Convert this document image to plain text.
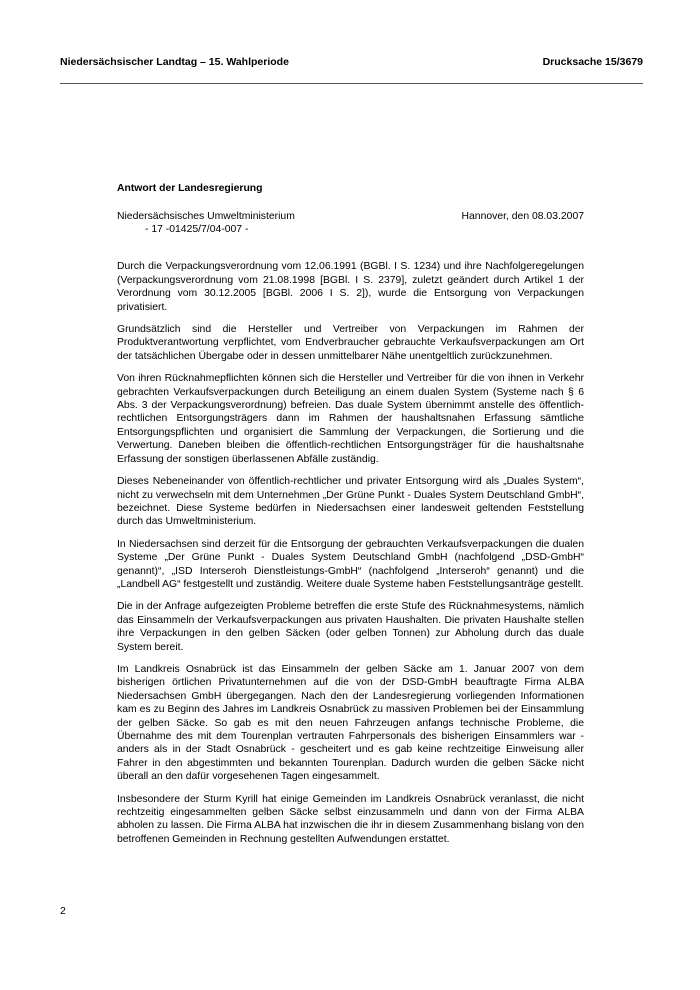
Niedersächsischer Landtag – 15. Wahlperiode	Drucksache 15/3679
Antwort der Landesregierung
Niedersächsisches Umweltministerium	Hannover, den 08.03.2007
- 17 -01425/7/04-007 -

Durch die Verpackungsverordnung vom 12.06.1991 (BGBl. I S. 1234) und ihre Nachfolgeregelungen (Verpackungsverordnung vom 21.08.1998 [BGBl. I S. 2379], zuletzt geändert durch Artikel 1 der Verordnung vom 30.12.2005 [BGBl. 2006 I S. 2]), wurde die Entsorgung von Verpackungen privatisiert.

Grundsätzlich sind die Hersteller und Vertreiber von Verpackungen im Rahmen der Produktverantwortung verpflichtet, vom Endverbraucher gebrauchte Verkaufsverpackungen am Ort der tatsächlichen Übergabe oder in dessen unmittelbarer Nähe unentgeltlich zurückzunehmen.

Von ihren Rücknahmepflichten können sich die Hersteller und Vertreiber für die von ihnen in Verkehr gebrachten Verkaufsverpackungen durch Beteiligung an einem dualen System (Systeme nach § 6 Abs. 3 der Verpackungsverordnung) befreien. Das duale System übernimmt anstelle des öffentlich-rechtlichen Entsorgungsträgers dann im Rahmen der haushaltsnahen Erfassung sämtliche Entsorgungspflichten und organisiert die Sammlung der Verpackungen, die Sortierung und die Verwertung. Daneben bleiben die öffentlich-rechtlichen Entsorgungsträger für die haushaltsnahe Erfassung der sonstigen überlassenen Abfälle zuständig.

Dieses Nebeneinander von öffentlich-rechtlicher und privater Entsorgung wird als „Duales System“, nicht zu verwechseln mit dem Unternehmen „Der Grüne Punkt - Duales System Deutschland GmbH“, bezeichnet. Diese Systeme bedürfen in Niedersachsen einer landesweit geltenden Feststellung durch das Umweltministerium.

In Niedersachsen sind derzeit für die Entsorgung der gebrauchten Verkaufsverpackungen die dualen Systeme „Der Grüne Punkt - Duales System Deutschland GmbH (nachfolgend „DSD-GmbH“ genannt)“, „ISD Interseroh Dienstleistungs-GmbH“ (nachfolgend „Interseroh“ genannt) und die „Landbell AG“ festgestellt und zuständig. Weitere duale Systeme haben Feststellungsanträge gestellt.

Die in der Anfrage aufgezeigten Probleme betreffen die erste Stufe des Rücknahmesystems, nämlich das Einsammeln der Verkaufsverpackungen aus privaten Haushalten. Die privaten Haushalte stellen ihre Verpackungen in den gelben Säcken (oder gelben Tonnen) zur Abholung durch das duale System bereit.

Im Landkreis Osnabrück ist das Einsammeln der gelben Säcke am 1. Januar 2007 von dem bisherigen örtlichen Privatunternehmen auf die von der DSD-GmbH beauftragte Firma ALBA Niedersachsen GmbH übergegangen. Nach den der Landesregierung vorliegenden Informationen kam es zu Beginn des Jahres im Landkreis Osnabrück zu massiven Problemen bei der Einsammlung der gelben Säcke. So gab es mit den neuen Fahrzeugen anfangs technische Probleme, die Übernahme des mit dem Tourenplan vertrauten Fahrpersonals des bisherigen Einsammlers war - anders als in der Stadt Osnabrück - gescheitert und es gab keine rechtzeitige Einweisung aller Fahrer in den abgestimmten und bekannten Tourenplan. Dadurch wurden die gelben Säcke nicht überall an den dafür vorgesehenen Tagen eingesammelt.

Insbesondere der Sturm Kyrill hat einige Gemeinden im Landkreis Osnabrück veranlasst, die nicht rechtzeitig eingesammelten gelben Säcke selbst einzusammeln und dann von der Firma ALBA abholen zu lassen. Die Firma ALBA hat inzwischen die ihr in diesem Zusammenhang bislang von den betroffenen Gemeinden in Rechnung gestellten Aufwendungen erstattet.

2
